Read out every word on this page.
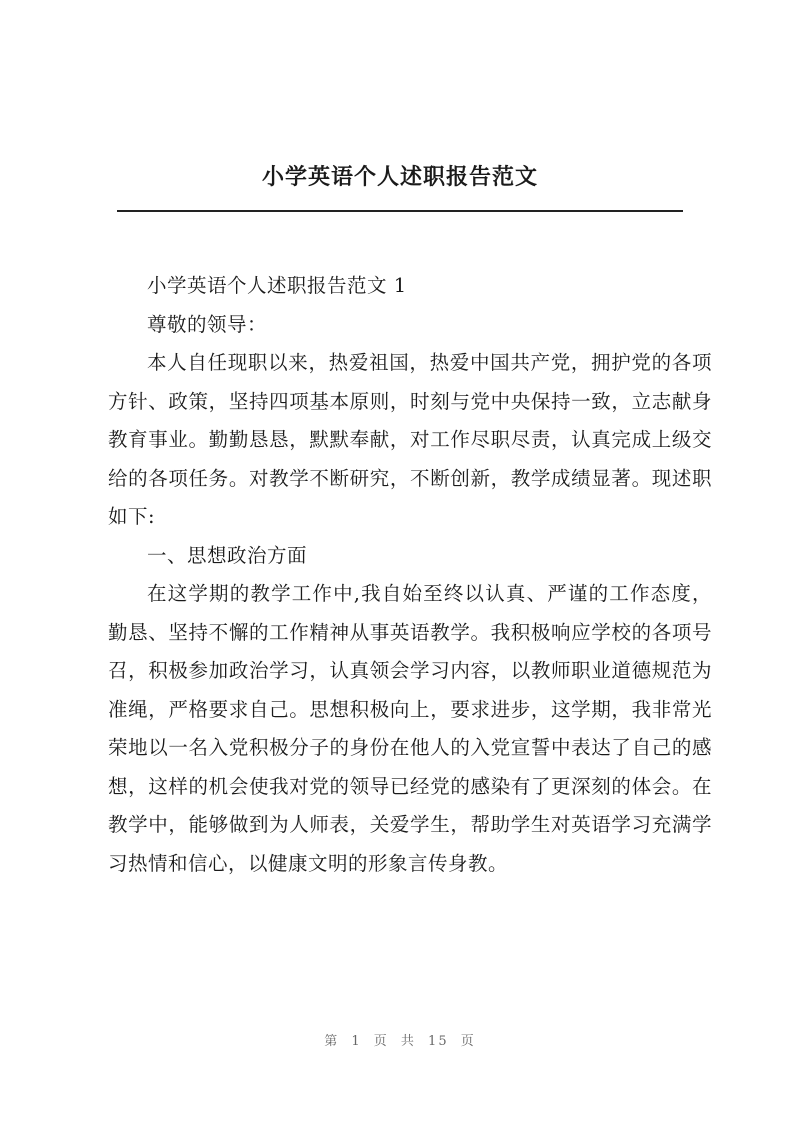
小学英语个人述职报告范文

小学英语个人述职报告范文 1

尊敬的领导：

本人自任现职以来，热爱祖国，热爱中国共产党，拥护党的各项方针、政策，坚持四项基本原则，时刻与党中央保持一致，立志献身教育事业。勤勤恳恳，默默奉献，对工作尽职尽责，认真完成上级交给的各项任务。对教学不断研究，不断创新，教学成绩显著。现述职如下:

一、思想政治方面

在这学期的教学工作中,我自始至终以认真、严谨的工作态度，勤恳、坚持不懈的工作精神从事英语教学。我积极响应学校的各项号召，积极参加政治学习，认真领会学习内容，以教师职业道德规范为准绳，严格要求自己。思想积极向上，要求进步，这学期，我非常光荣地以一名入党积极分子的身份在他人的入党宣誓中表达了自己的感想，这样的机会使我对党的领导已经党的感染有了更深刻的体会。在教学中，能够做到为人师表，关爱学生，帮助学生对英语学习充满学习热情和信心，以健康文明的形象言传身教。

第 1 页 共 15 页
